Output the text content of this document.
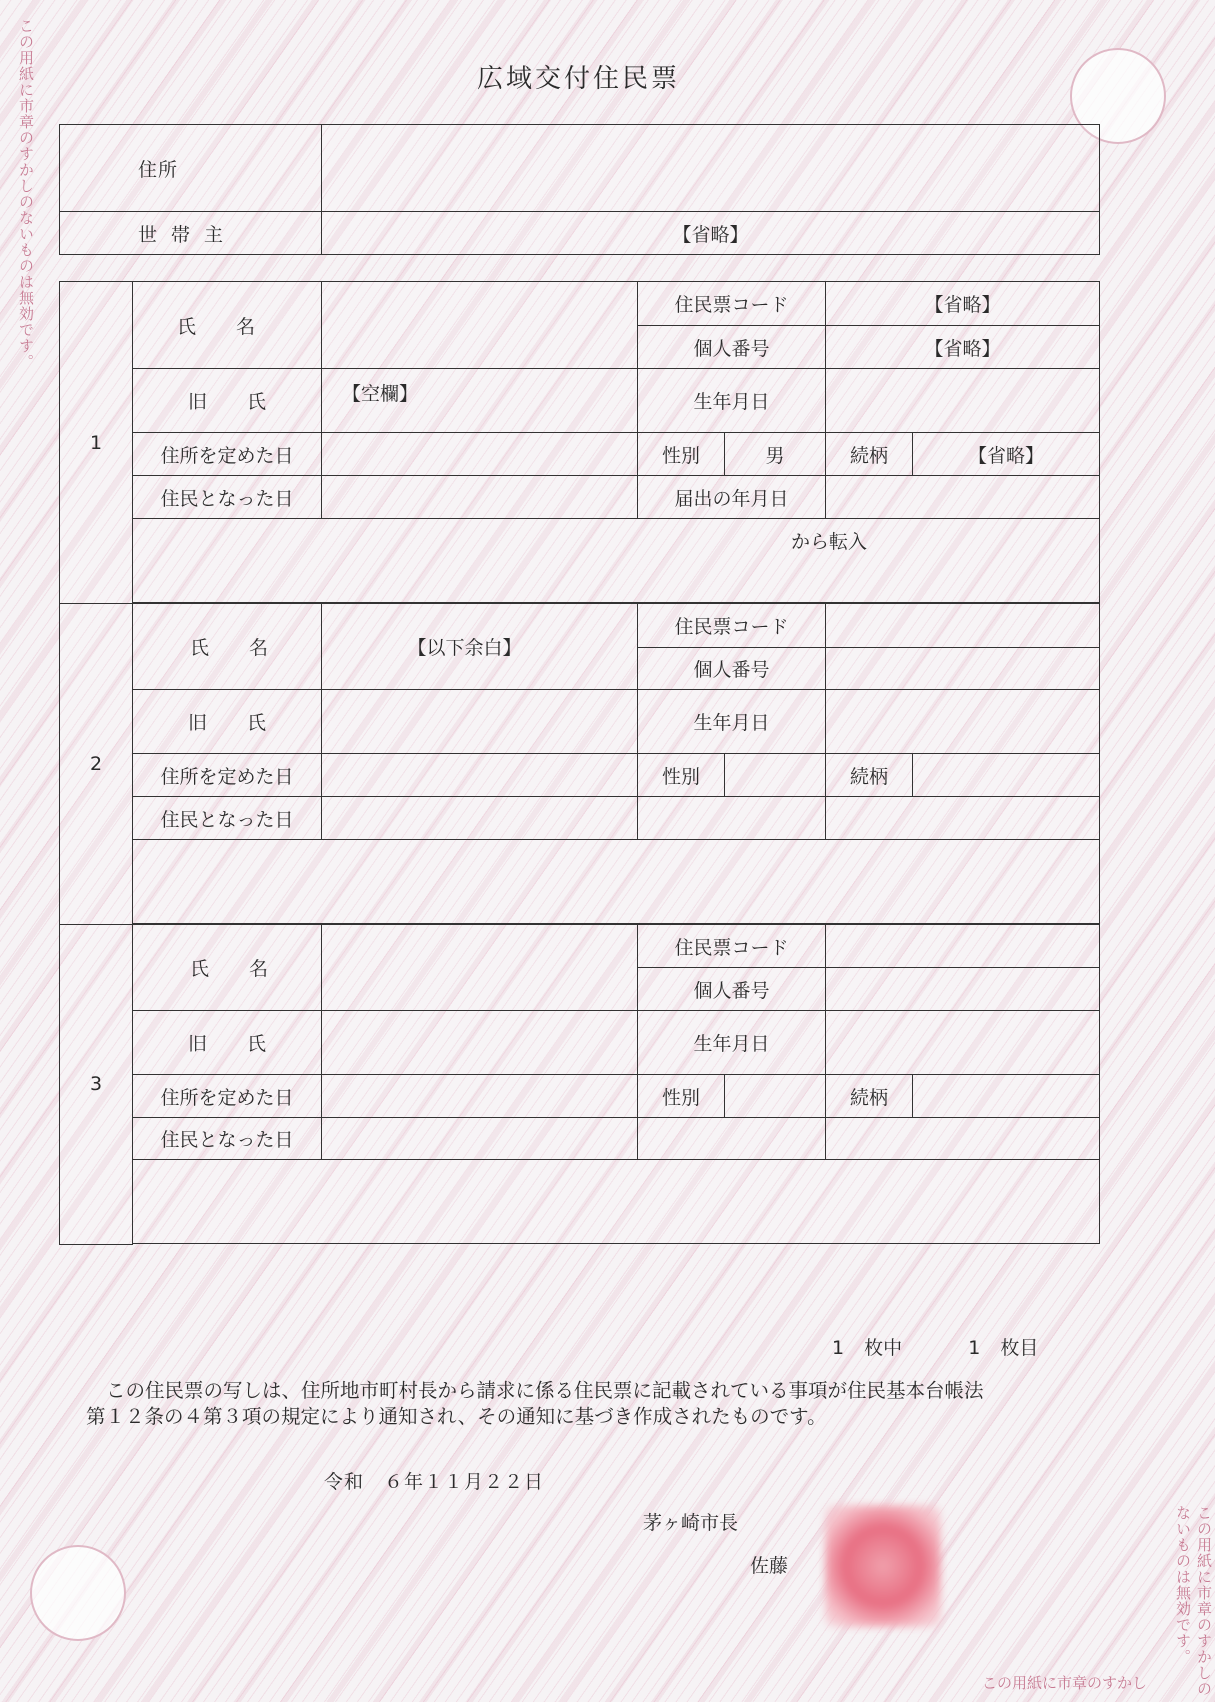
広域交付住民票
この用紙に市章のすかしのないものは無効です。
この用紙に市章のすかしのないものは無効です。
この用紙に市章のすかし
住所	

世帯主	【省略】
1	氏名		住民票コード		【省略】	
			個人番号		【省略】	

	旧氏	【空欄】	生年月日			
	住所を定めた日		性別	男	続柄	【省略】
	住民となった日		届出の年月日			
	から転入					

2	氏名	【以下余白】	住民票コード			
			個人番号			

	旧氏		生年月日			
	住所を定めた日		性別		続柄	
	住民となった日					

3	氏名		住民票コード			
			個人番号			

	旧氏		生年月日			
	住所を定めた日		性別		続柄	
	住民となった日					

1 枚中	1 枚目

この住民票の写しは、住所地市町村長から請求に係る住民票に記載されている事項が住民基本台帳法

第１２条の４第３項の規定により通知され、その通知に基づき作成されたものです。

令和　６年１１月２２日
茅ヶ崎市長
佐藤
